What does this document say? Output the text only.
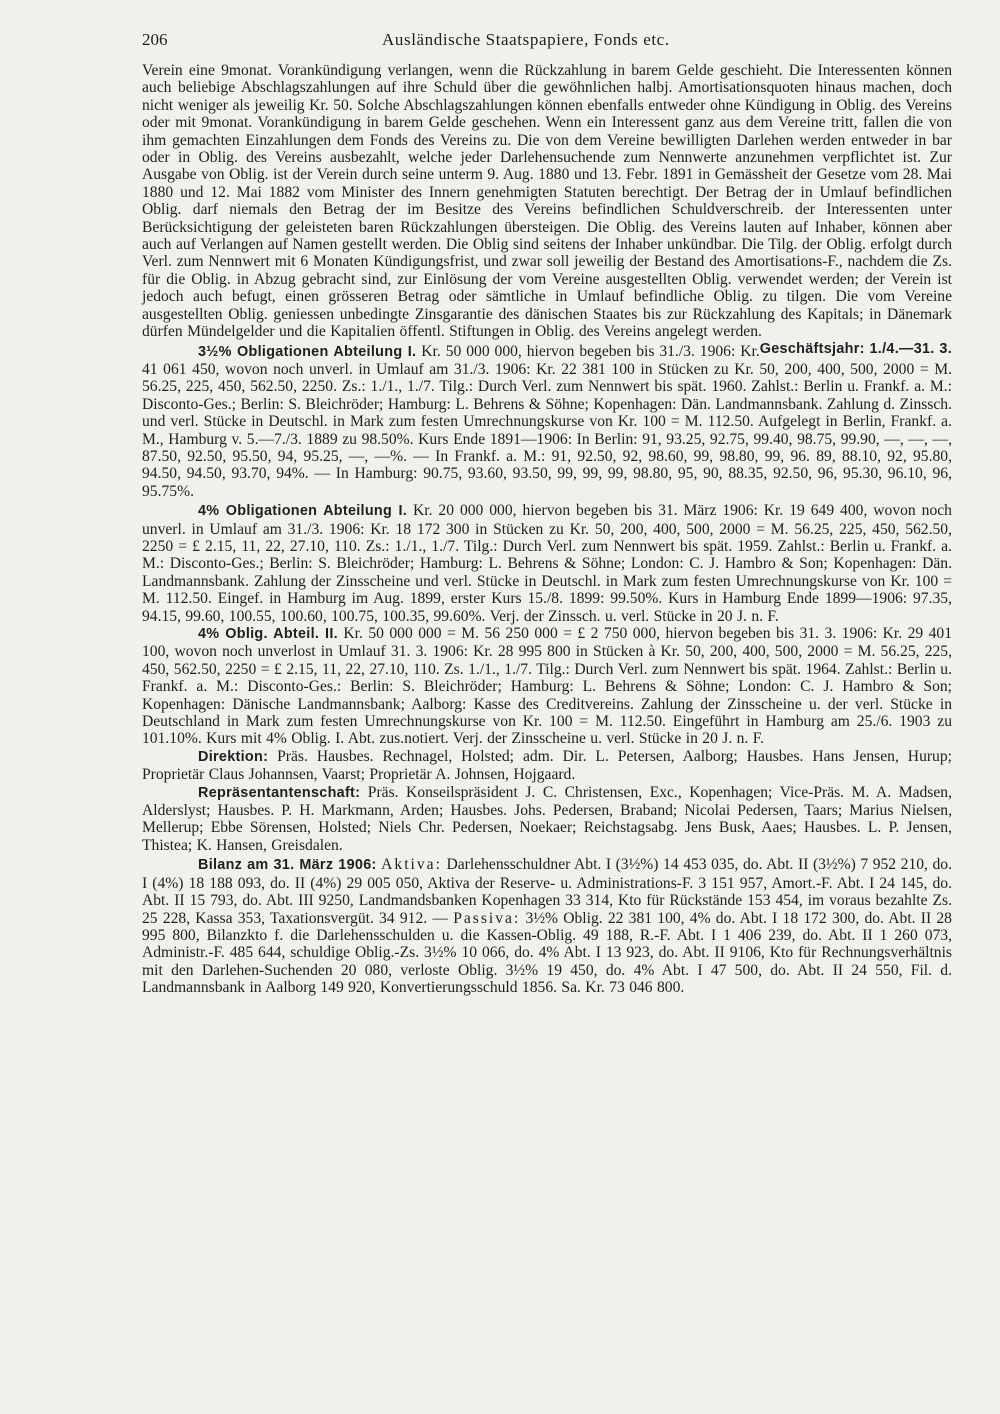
206	Ausländische Staatspapiere, Fonds etc.

Verein eine 9monat. Vorankündigung verlangen, wenn die Rückzahlung in barem Gelde geschieht. Die Interessenten können auch beliebige Abschlagszahlungen auf ihre Schuld über die gewöhnlichen halbj. Amortisationsquoten hinaus machen, doch nicht weniger als jeweilig Kr. 50. Solche Abschlagszahlungen können ebenfalls entweder ohne Kündigung in Oblig. des Vereins oder mit 9monat. Vorankündigung in barem Gelde geschehen. Wenn ein Interessent ganz aus dem Vereine tritt, fallen die von ihm gemachten Einzahlungen dem Fonds des Vereins zu. Die von dem Vereine bewilligten Darlehen werden entweder in bar oder in Oblig. des Vereins ausbezahlt, welche jeder Darlehensuchende zum Nennwerte anzunehmen verpflichtet ist. Zur Ausgabe von Oblig. ist der Verein durch seine unterm 9. Aug. 1880 und 13. Febr. 1891 in Gemässheit der Gesetze vom 28. Mai 1880 und 12. Mai 1882 vom Minister des Innern genehmigten Statuten berechtigt. Der Betrag der in Umlauf befindlichen Oblig. darf niemals den Betrag der im Besitze des Vereins befindlichen Schuldverschreib. der Interessenten unter Berücksichtigung der geleisteten baren Rückzahlungen übersteigen. Die Oblig. des Vereins lauten auf Inhaber, können aber auch auf Verlangen auf Namen gestellt werden. Die Oblig sind seitens der Inhaber unkündbar. Die Tilg. der Oblig. erfolgt durch Verl. zum Nennwert mit 6 Monaten Kündigungsfrist, und zwar soll jeweilig der Bestand des Amortisations-F., nachdem die Zs. für die Oblig. in Abzug gebracht sind, zur Einlösung der vom Vereine ausgestellten Oblig. verwendet werden; der Verein ist jedoch auch befugt, einen grösseren Betrag oder sämtliche in Umlauf befindliche Oblig. zu tilgen. Die vom Vereine ausgestellten Oblig. geniessen unbedingte Zinsgarantie des dänischen Staates bis zur Rückzahlung des Kapitals; in Dänemark dürfen Mündelgelder und die Kapitalien öffentl. Stiftungen in Oblig. des Vereins angelegt werden.
Geschäftsjahr: 1./4.—31. 3.

3½% Obligationen Abteilung I. Kr. 50 000 000, hiervon begeben bis 31./3. 1906: Kr. 41 061 450, wovon noch unverl. in Umlauf am 31./3. 1906: Kr. 22 381 100 in Stücken zu Kr. 50, 200, 400, 500, 2000 = M. 56.25, 225, 450, 562.50, 2250. Zs.: 1./1., 1./7. Tilg.: Durch Verl. zum Nennwert bis spät. 1960. Zahlst.: Berlin u. Frankf. a. M.: Disconto-Ges.; Berlin: S. Bleichröder; Hamburg: L. Behrens & Söhne; Kopenhagen: Dän. Landmannsbank. Zahlung d. Zinssch. und verl. Stücke in Deutschl. in Mark zum festen Umrechnungskurse von Kr. 100 = M. 112.50. Aufgelegt in Berlin, Frankf. a. M., Hamburg v. 5.—7./3. 1889 zu 98.50%. Kurs Ende 1891—1906: In Berlin: 91, 93.25, 92.75, 99.40, 98.75, 99.90, —, —, —, 87.50, 92.50, 95.50, 94, 95.25, —, —%. — In Frankf. a. M.: 91, 92.50, 92, 98.60, 99, 98.80, 99, 96. 89, 88.10, 92, 95.80, 94.50, 94.50, 93.70, 94%. — In Hamburg: 90.75, 93.60, 93.50, 99, 99, 99, 98.80, 95, 90, 88.35, 92.50, 96, 95.30, 96.10, 96, 95.75%.

4% Obligationen Abteilung I. Kr. 20 000 000, hiervon begeben bis 31. März 1906: Kr. 19 649 400, wovon noch unverl. in Umlauf am 31./3. 1906: Kr. 18 172 300 in Stücken zu Kr. 50, 200, 400, 500, 2000 = M. 56.25, 225, 450, 562.50, 2250 = £ 2.15, 11, 22, 27.10, 110. Zs.: 1./1., 1./7. Tilg.: Durch Verl. zum Nennwert bis spät. 1959. Zahlst.: Berlin u. Frankf. a. M.: Disconto-Ges.; Berlin: S. Bleichröder; Hamburg: L. Behrens & Söhne; London: C. J. Hambro & Son; Kopenhagen: Dän. Landmannsbank. Zahlung der Zinsscheine und verl. Stücke in Deutschl. in Mark zum festen Umrechnungskurse von Kr. 100 = M. 112.50. Eingef. in Hamburg im Aug. 1899, erster Kurs 15./8. 1899: 99.50%. Kurs in Hamburg Ende 1899—1906: 97.35, 94.15, 99.60, 100.55, 100.60, 100.75, 100.35, 99.60%. Verj. der Zinssch. u. verl. Stücke in 20 J. n. F.

4% Oblig. Abteil. II. Kr. 50 000 000 = M. 56 250 000 = £ 2 750 000, hiervon begeben bis 31. 3. 1906: Kr. 29 401 100, wovon noch unverlost in Umlauf 31. 3. 1906: Kr. 28 995 800 in Stücken à Kr. 50, 200, 400, 500, 2000 = M. 56.25, 225, 450, 562.50, 2250 = £ 2.15, 11, 22, 27.10, 110. Zs. 1./1., 1./7. Tilg.: Durch Verl. zum Nennwert bis spät. 1964. Zahlst.: Berlin u. Frankf. a. M.: Disconto-Ges.: Berlin: S. Bleichröder; Hamburg: L. Behrens & Söhne; London: C. J. Hambro & Son; Kopenhagen: Dänische Landmannsbank; Aalborg: Kasse des Creditvereins. Zahlung der Zinsscheine u. der verl. Stücke in Deutschland in Mark zum festen Umrechnungskurse von Kr. 100 = M. 112.50. Eingeführt in Hamburg am 25./6. 1903 zu 101.10%. Kurs mit 4% Oblig. I. Abt. zus.notiert. Verj. der Zinsscheine u. verl. Stücke in 20 J. n. F.

Direktion: Präs. Hausbes. Rechnagel, Holsted; adm. Dir. L. Petersen, Aalborg; Hausbes. Hans Jensen, Hurup; Proprietär Claus Johannsen, Vaarst; Proprietär A. Johnsen, Hojgaard.

Repräsentantenschaft: Präs. Konseilspräsident J. C. Christensen, Exc., Kopenhagen; Vice-Präs. M. A. Madsen, Alderslyst; Hausbes. P. H. Markmann, Arden; Hausbes. Johs. Pedersen, Braband; Nicolai Pedersen, Taars; Marius Nielsen, Mellerup; Ebbe Sörensen, Holsted; Niels Chr. Pedersen, Noekaer; Reichstagsabg. Jens Busk, Aaes; Hausbes. L. P. Jensen, Thistea; K. Hansen, Greisdalen.

Bilanz am 31. März 1906: Aktiva: Darlehensschuldner Abt. I (3½%) 14 453 035, do. Abt. II (3½%) 7 952 210, do. I (4%) 18 188 093, do. II (4%) 29 005 050, Aktiva der Reserve- u. Administrations-F. 3 151 957, Amort.-F. Abt. I 24 145, do. Abt. II 15 793, do. Abt. III 9250, Landmandsbanken Kopenhagen 33 314, Kto für Rückstände 153 454, im voraus bezahlte Zs. 25 228, Kassa 353, Taxationsvergüt. 34 912. — Passiva: 3½% Oblig. 22 381 100, 4% do. Abt. I 18 172 300, do. Abt. II 28 995 800, Bilanzkto f. die Darlehensschulden u. die Kassen-Oblig. 49 188, R.-F. Abt. I 1 406 239, do. Abt. II 1 260 073, Administr.-F. 485 644, schuldige Oblig.-Zs. 3½% 10 066, do. 4% Abt. I 13 923, do. Abt. II 9106, Kto für Rechnungsverhältnis mit den Darlehen-Suchenden 20 080, verloste Oblig. 3½% 19 450, do. 4% Abt. I 47 500, do. Abt. II 24 550, Fil. d. Landmannsbank in Aalborg 149 920, Konvertierungsschuld 1856. Sa. Kr. 73 046 800.
